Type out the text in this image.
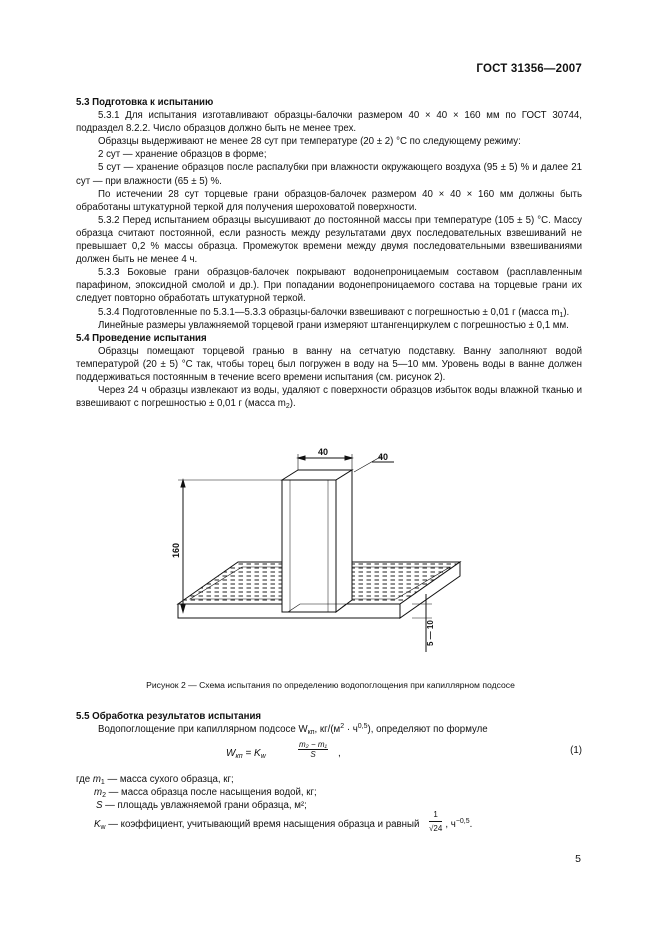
ГОСТ 31356—2007

5.3 Подготовка к испытанию

5.3.1 Для испытания изготавливают образцы-балочки размером 40 × 40 × 160 мм по ГОСТ 30744, подраздел 8.2.2. Число образцов должно быть не менее трех.

Образцы выдерживают не менее 28 сут при температуре (20 ± 2) °С по следующему режиму:

2 сут — хранение образцов в форме;

5 сут — хранение образцов после распалубки при влажности окружающего воздуха (95 ± 5) % и далее 21 сут — при влажности (65 ± 5) %.

По истечении 28 сут торцевые грани образцов-балочек размером 40 × 40 × 160 мм должны быть обработаны штукатурной теркой для получения шероховатой поверхности.

5.3.2 Перед испытанием образцы высушивают до постоянной массы при температуре (105 ± 5) °С. Массу образца считают постоянной, если разность между результатами двух последовательных взвешиваний не превышает 0,2 % массы образца. Промежуток времени между двумя последовательными взвешиваниями должен быть не менее 4 ч.

5.3.3 Боковые грани образцов-балочек покрывают водонепроницаемым составом (расплавленным парафином, эпоксидной смолой и др.). При попадании водонепроницаемого состава на торцевые грани их следует повторно обработать штукатурной теркой.

5.3.4 Подготовленные по 5.3.1—5.3.3 образцы-балочки взвешивают с погрешностью ± 0,01 г (масса $m_1$).

Линейные размеры увлажняемой торцевой грани измеряют штангенциркулем с погрешностью ± 0,1 мм.

5.4 Проведение испытания

Образцы помещают торцевой гранью в ванну на сетчатую подставку. Ванну заполняют водой температурой (20 ± 5) °С так, чтобы торец был погружен в воду на 5—10 мм. Уровень воды в ванне должен поддерживаться постоянным в течение всего времени испытания (см. рисунок 2).

Через 24 ч образцы извлекают из воды, удаляют с поверхности образцов избыток воды влажной тканью и взвешивают с погрешностью ± 0,01 г (масса $m_2$).

40	40
160
5 — 10
Рисунок 2 — Схема испытания по определению водопоглощения при капиллярном подсосе

5.5 Обработка результатов испытания

Водопоглощение при капиллярном подсосе $W_{кп}$, $кг/(м^2 \cdot ч^{0,5})$, определяют по формуле

$W_{кп} = K_w$	$\frac{\text{m₂ − m₁}}{S}$ ,	(1)
где $m_1$ — масса сухого образца, кг;
$m_2$ — масса образца после насыщения водой, кг;
S — площадь увлажняемой грани образца, м²;
$K_w$ — коэффициент, учитывающий время насыщения образца и равный	, $ч^{-0,5}$.
$\frac{1}{√24}$
5
